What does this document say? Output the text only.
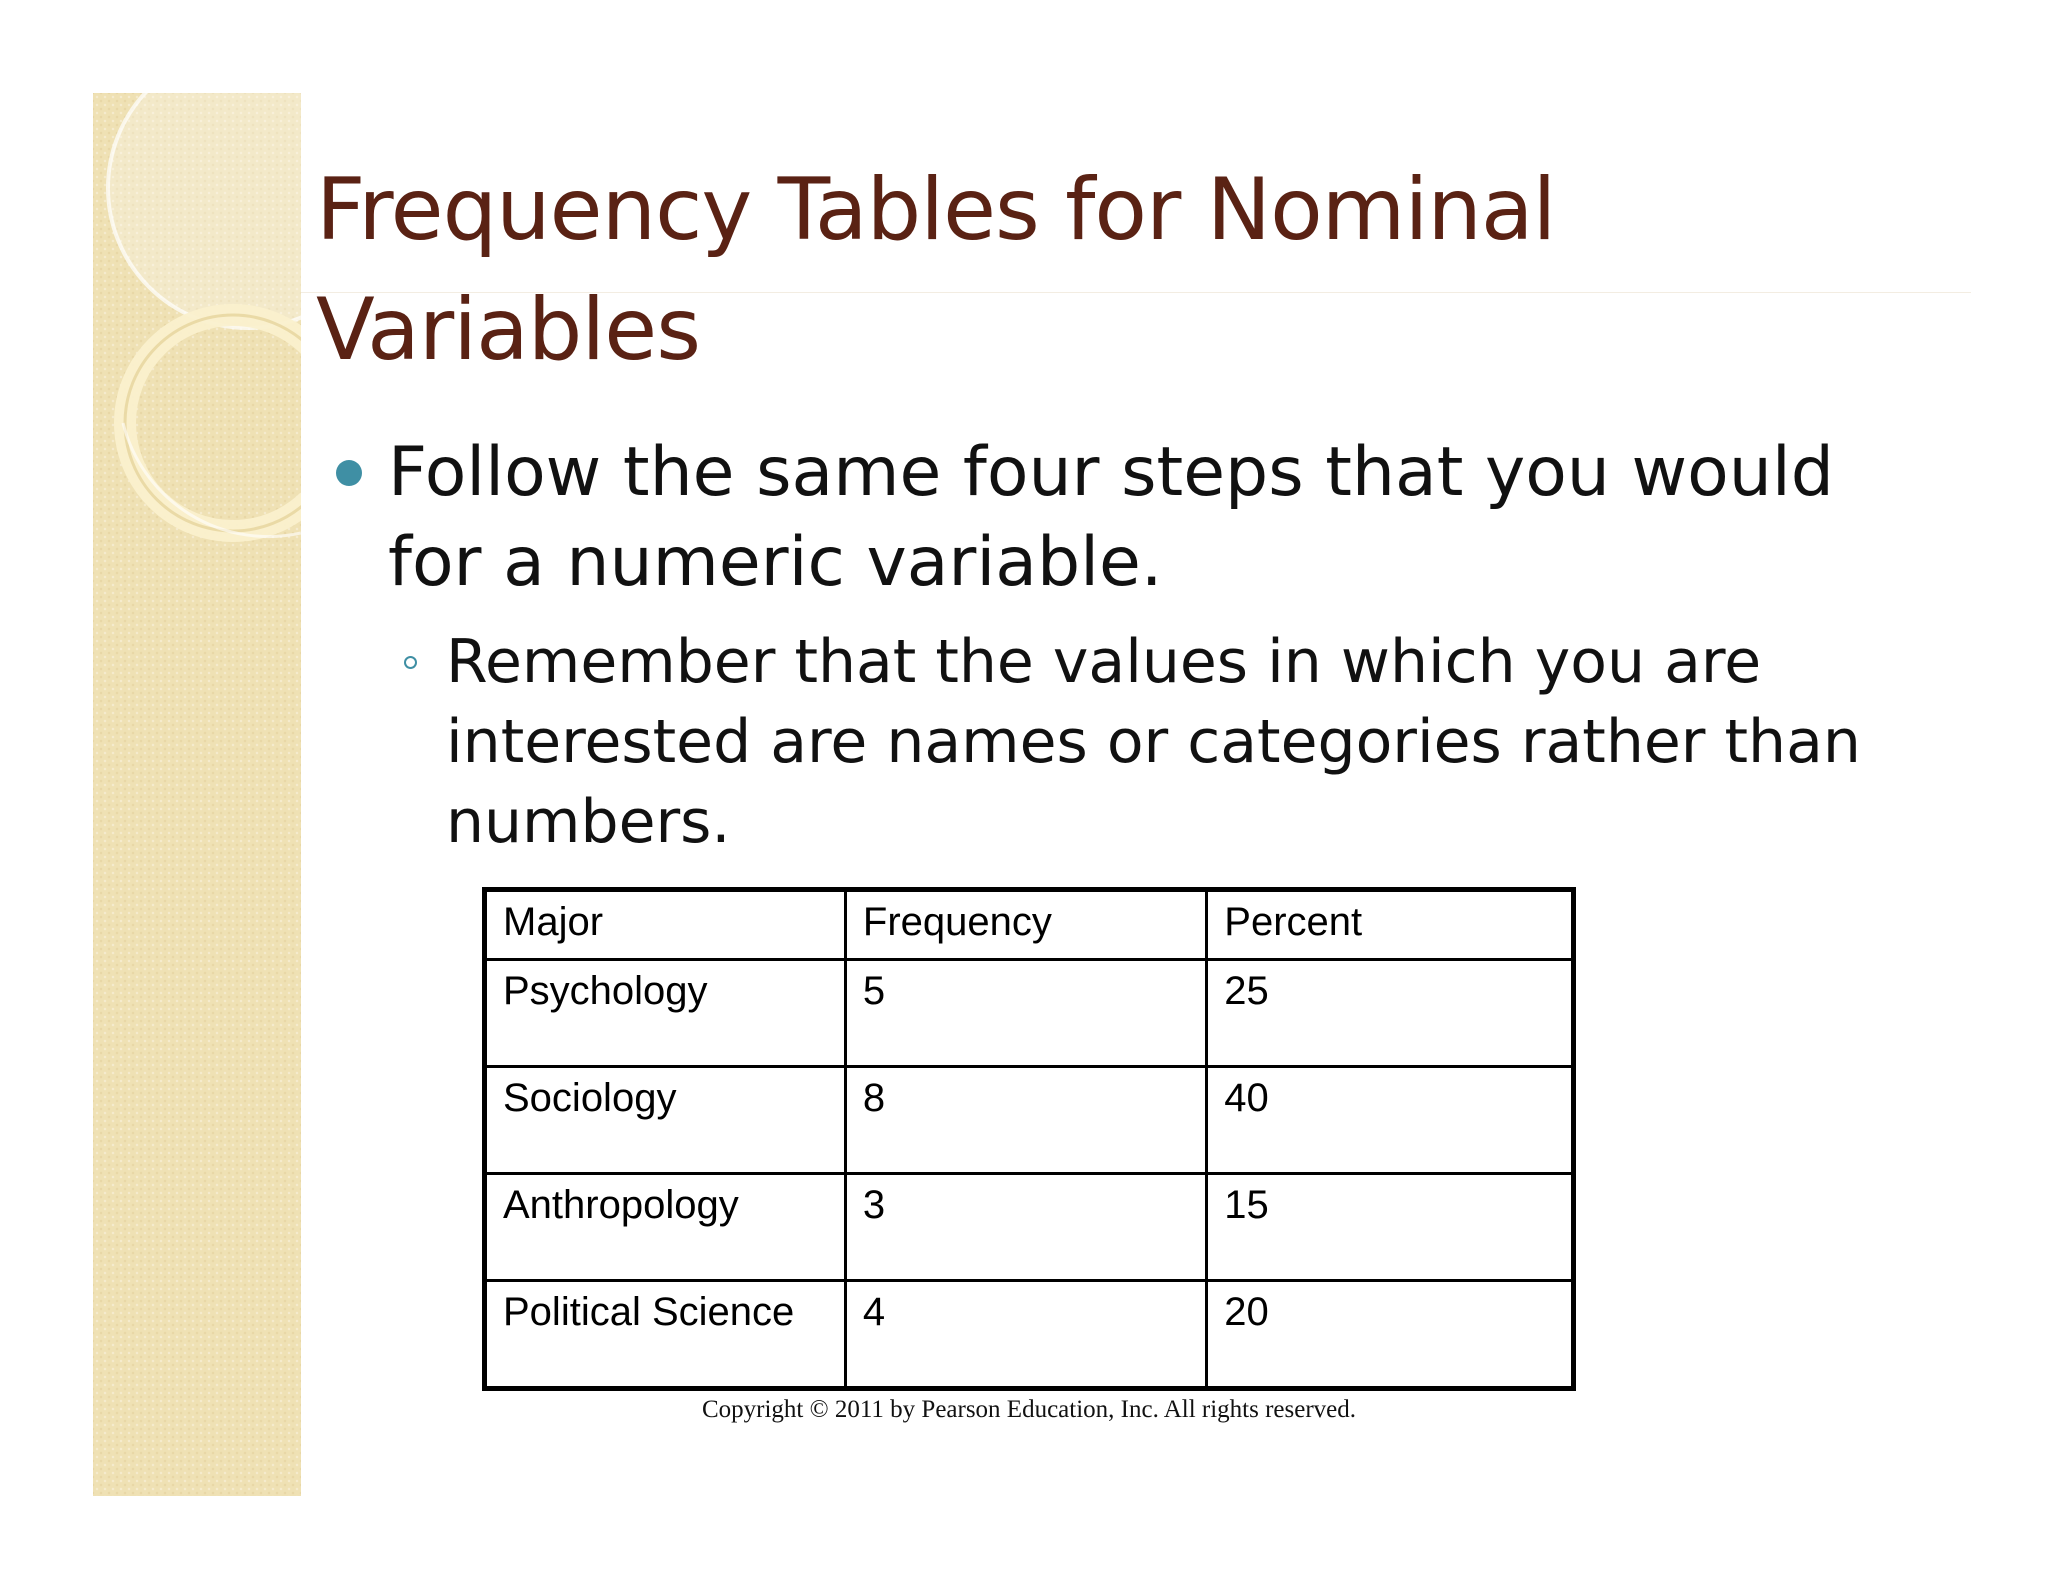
Frequency Tables for Nominal Variables
Follow the same four steps that you would for a numeric variable.
Remember that the values in which you are interested are names or categories rather than numbers.
Major	Frequency	Percent
Psychology	5	25
Sociology	8	40
Anthropology	3	15
Political Science	4	20
Copyright © 2011 by Pearson Education, Inc. All rights reserved.
